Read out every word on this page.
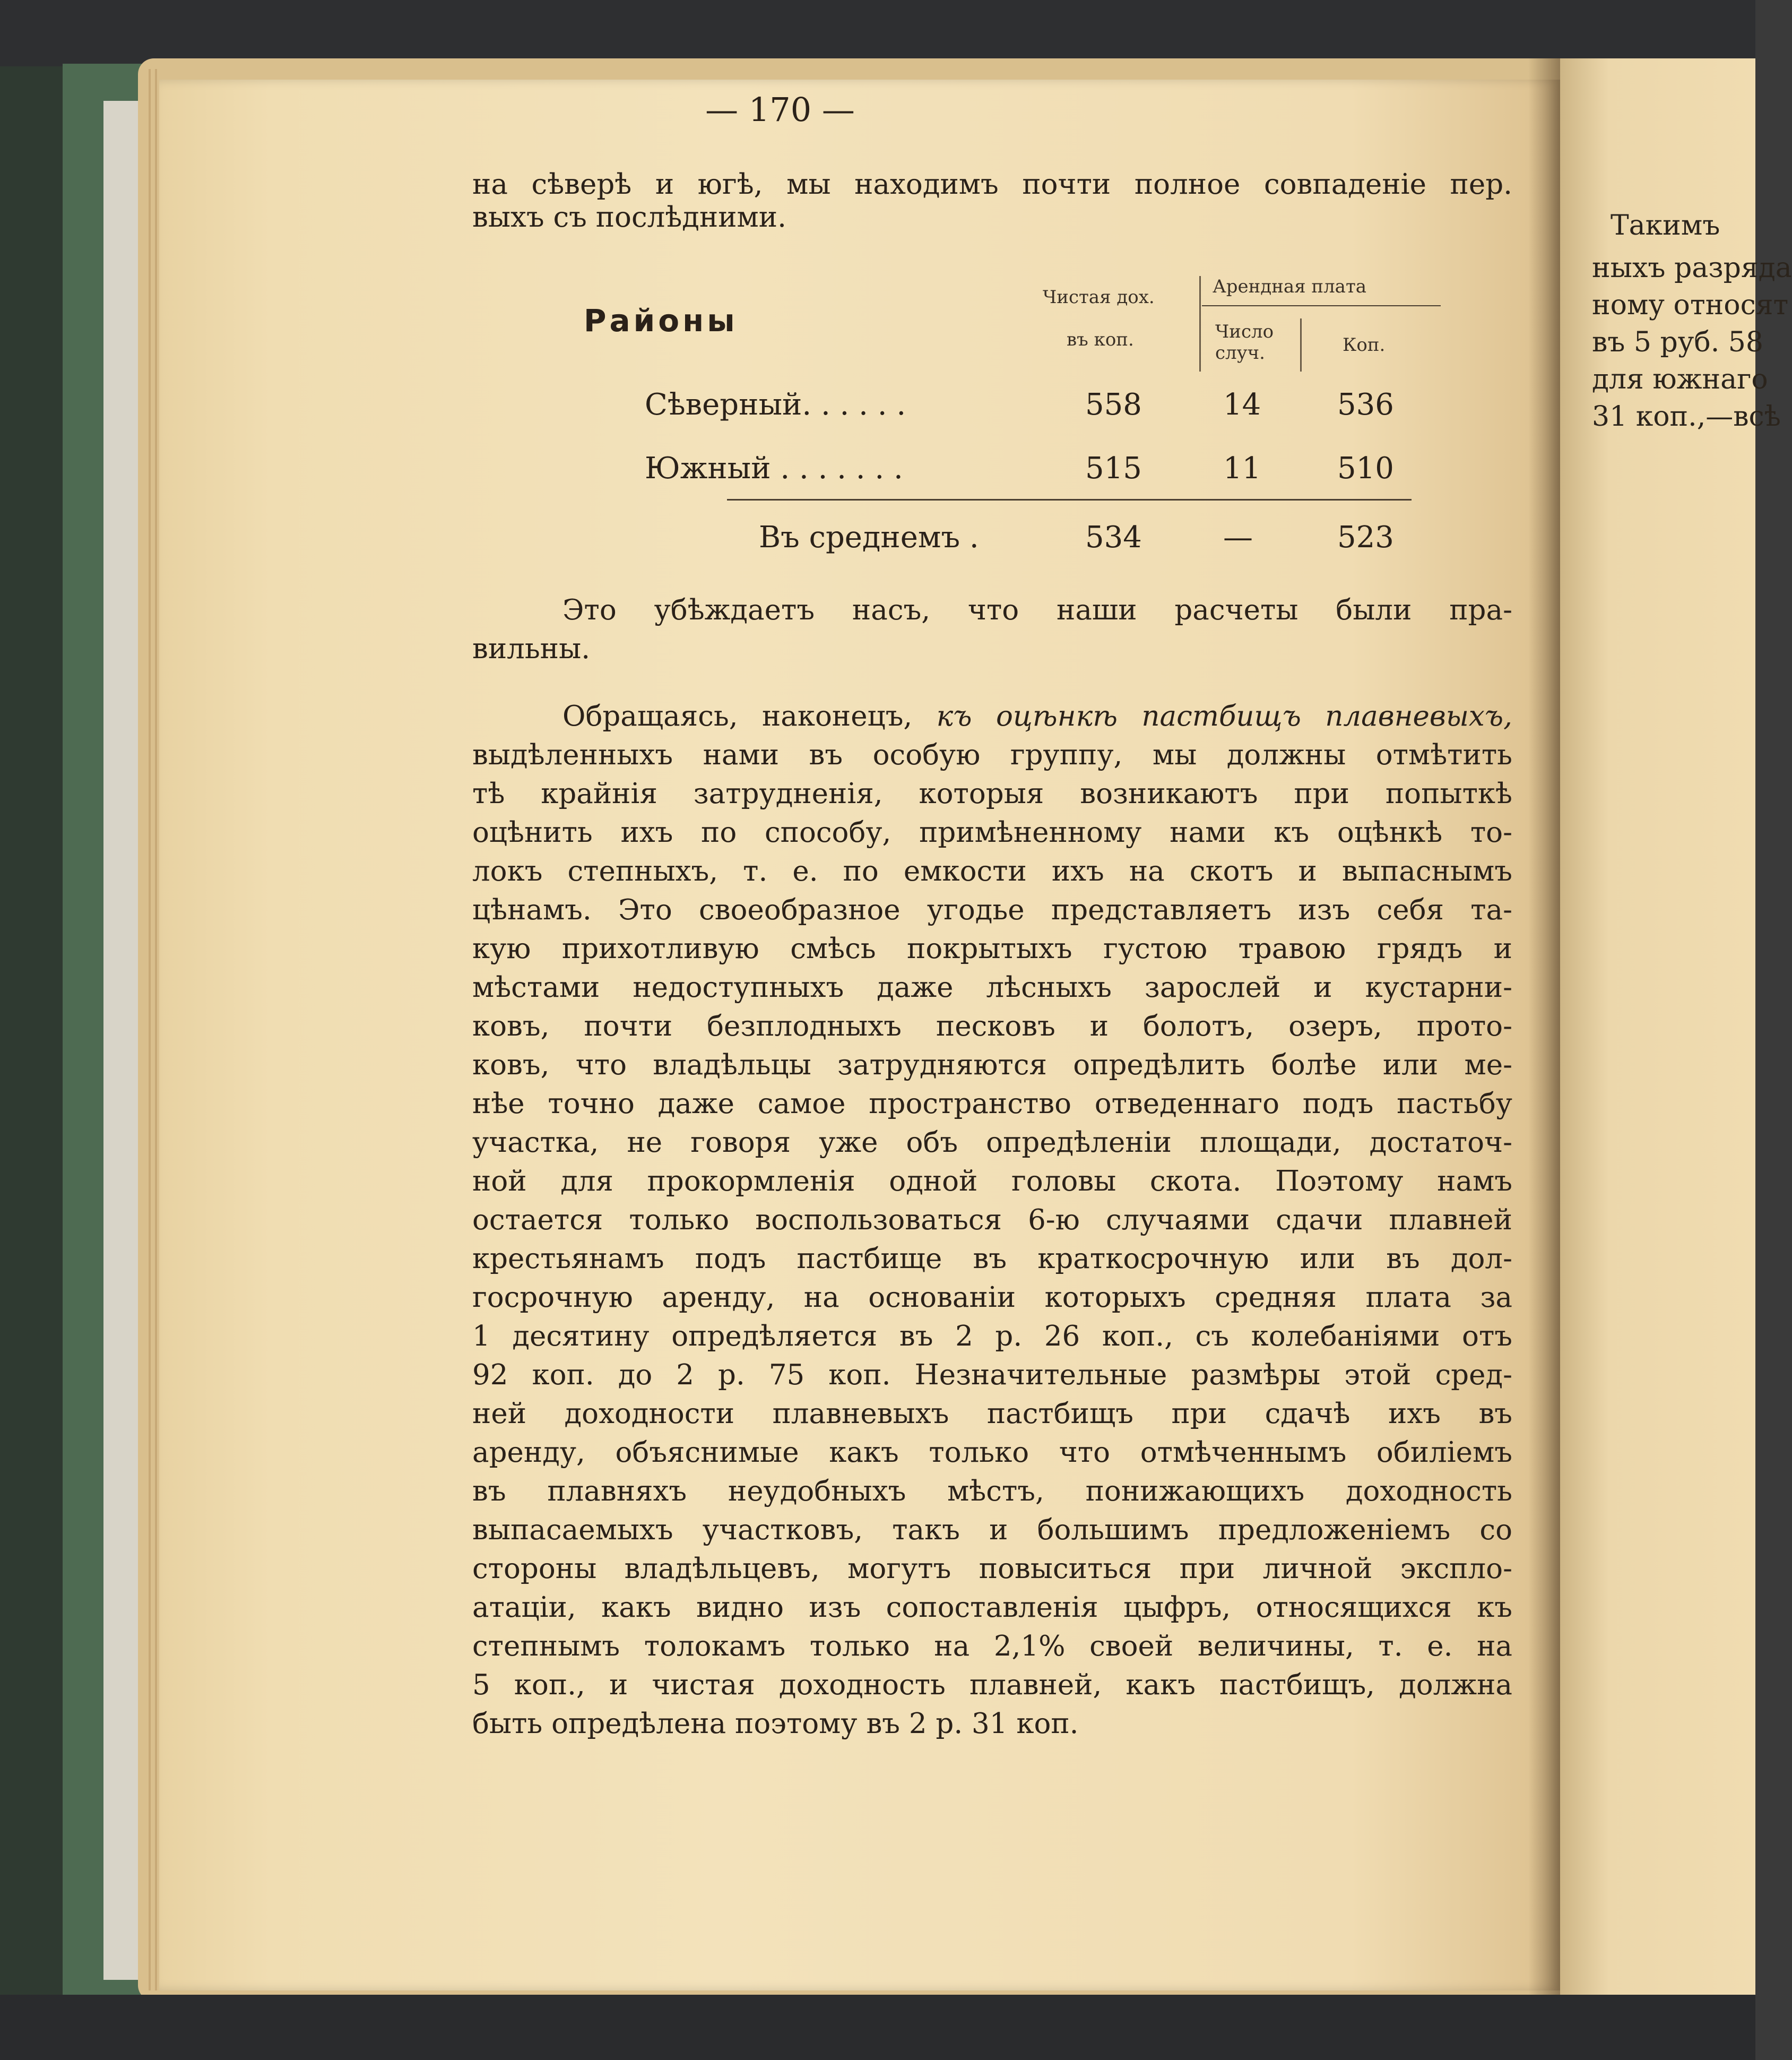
Такимъ
ныхъ разряда
ному относят
въ 5 руб. 58
для южнаго
31 коп.,—всѣ
— 170 —
на сѣверѣ и югѣ, мы находимъ почти полное совпаденіе пер.
выхъ съ послѣдними.
Районы
Чистая дох.
въ коп.
Арендная плата
Число случ.	Коп.
Сѣверный. . . . . .	558	14	536
Южный . . . . . . .	515	11	510
Въ среднемъ .	534	—	523
Это убѣждаетъ насъ, что наши расчеты были пра-
вильны.
Обращаясь, наконецъ, къ оцѣнкѣ пастбищъ плавневыхъ,
выдѣленныхъ нами въ особую группу, мы должны отмѣтить
тѣ крайнія затрудненія, которыя возникаютъ при попыткѣ
оцѣнить ихъ по способу, примѣненному нами къ оцѣнкѣ то-
локъ степныхъ, т. е. по емкости ихъ на скотъ и выпаснымъ
цѣнамъ. Это своеобразное угодье представляетъ изъ себя та-
кую прихотливую смѣсь покрытыхъ густою травою грядъ и
мѣстами недоступныхъ даже лѣсныхъ зарослей и кустарни-
ковъ, почти безплодныхъ песковъ и болотъ, озеръ, прото-
ковъ, что владѣльцы затрудняются опредѣлить болѣе или ме-
нѣе точно даже самое пространство отведеннаго подъ пастьбу
участка, не говоря уже объ опредѣленіи площади, достаточ-
ной для прокормленія одной головы скота. Поэтому намъ
остается только воспользоваться 6-ю случаями сдачи плавней
крестьянамъ подъ пастбище въ краткосрочную или въ дол-
госрочную аренду, на основаніи которыхъ средняя плата за
1 десятину опредѣляется въ 2 р. 26 коп., съ колебаніями отъ
92 коп. до 2 р. 75 коп. Незначительные размѣры этой сред-
ней доходности плавневыхъ пастбищъ при сдачѣ ихъ въ
аренду, объяснимые какъ только что отмѣченнымъ обиліемъ
въ плавняхъ неудобныхъ мѣстъ, понижающихъ доходность
выпасаемыхъ участковъ, такъ и большимъ предложеніемъ со
стороны владѣльцевъ, могутъ повыситься при личной экспло-
атаціи, какъ видно изъ сопоставленія цыфръ, относящихся къ
степнымъ толокамъ только на 2,1% своей величины, т. е. на
5 коп., и чистая доходность плавней, какъ пастбищъ, должна
быть опредѣлена поэтому въ 2 р. 31 коп.
